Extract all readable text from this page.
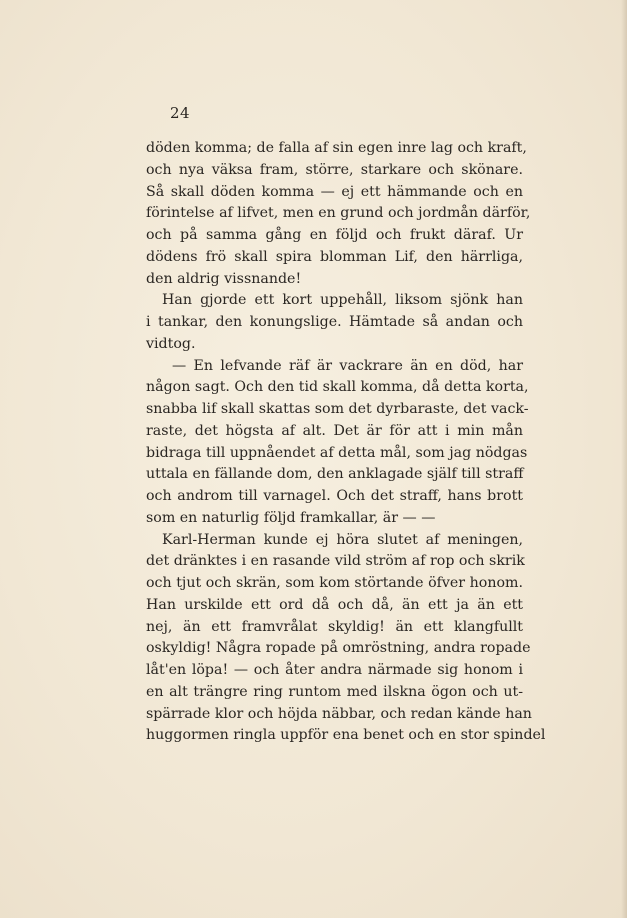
24
döden komma; de falla af sin egen inre lag och kraft,
och nya väksa fram, större, starkare och skönare.
Så skall döden komma — ej ett hämmande och en
förintelse af lifvet, men en grund och jordmån därför,
och på samma gång en följd och frukt däraf. Ur
dödens frö skall spira blomman Lif, den härrliga,
den aldrig vissnande!
Han gjorde ett kort uppehåll, liksom sjönk han
i tankar, den konungslige. Hämtade så andan och
vidtog.
— En lefvande räf är vackrare än en död, har
någon sagt. Och den tid skall komma, då detta korta,
snabba lif skall skattas som det dyrbaraste, det vack-
raste, det högsta af alt. Det är för att i min mån
bidraga till uppnåendet af detta mål, som jag nödgas
uttala en fällande dom, den anklagade själf till straff
och androm till varnagel. Och det straff, hans brott
som en naturlig följd framkallar, är — —
Karl-Herman kunde ej höra slutet af meningen,
det dränktes i en rasande vild ström af rop och skrik
och tjut och skrän, som kom störtande öfver honom.
Han urskilde ett ord då och då, än ett ja än ett
nej, än ett framvrålat skyldig! än ett klangfullt
oskyldig! Några ropade på omröstning, andra ropade
låt'en löpa! — och åter andra närmade sig honom i
en alt trängre ring runtom med ilskna ögon och ut-
spärrade klor och höjda näbbar, och redan kände han
huggormen ringla uppför ena benet och en stor spindel
